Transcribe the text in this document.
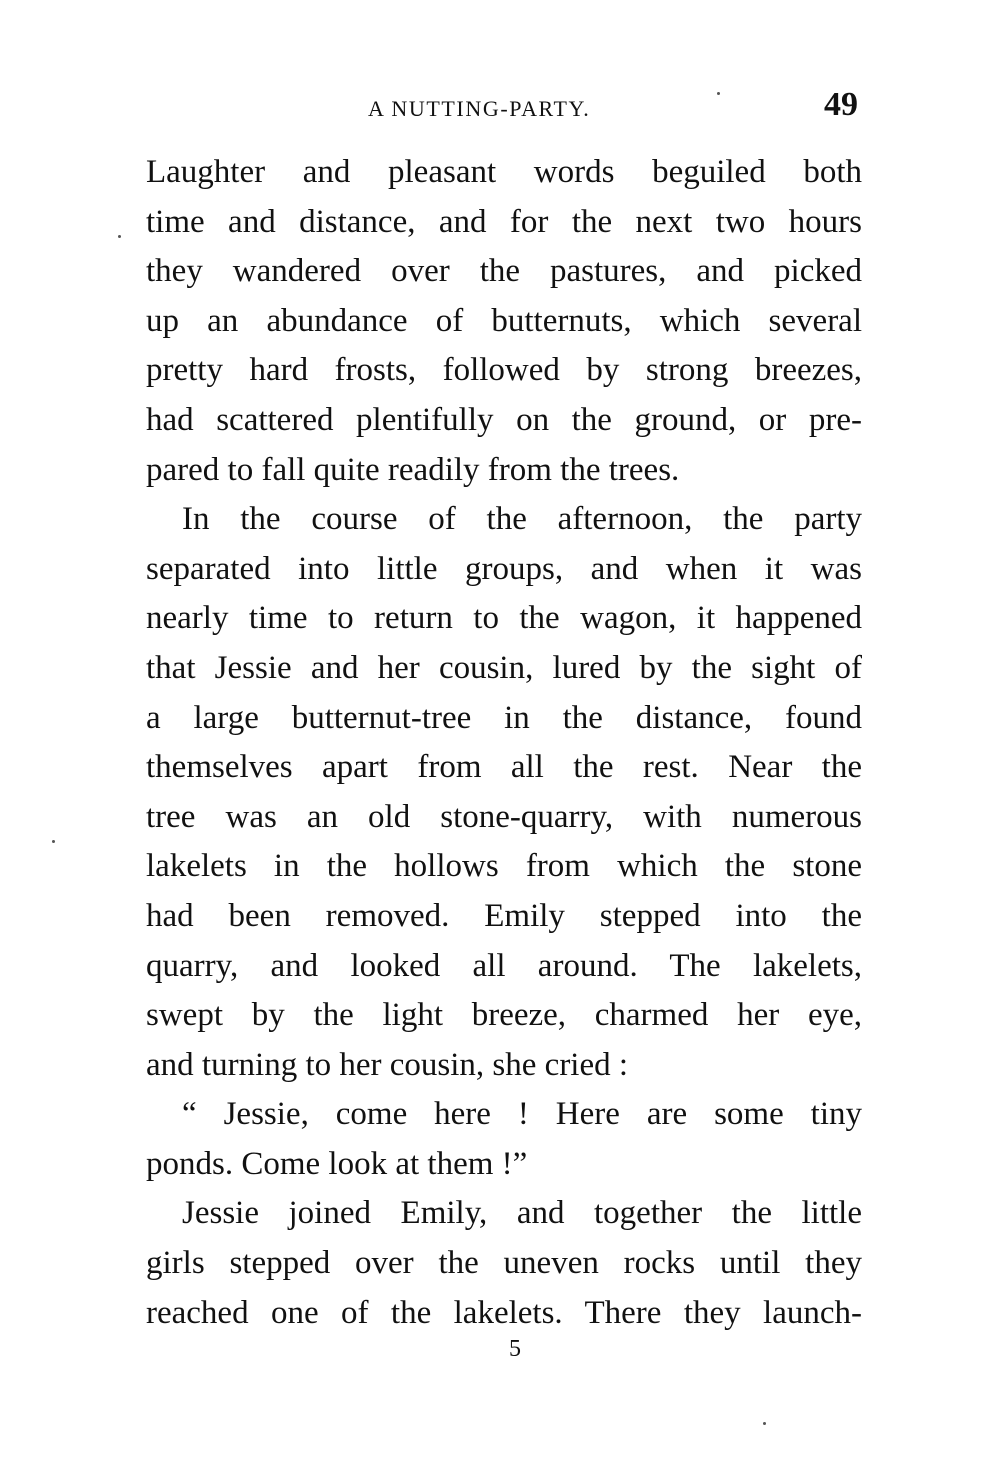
A NUTTING-PARTY.	49
Laughter and pleasant words beguiled both
time and distance, and for the next two hours
they wandered over the pastures, and picked
up an abundance of butternuts, which several
pretty hard frosts, followed by strong breezes,
had scattered plentifully on the ground, or pre-
pared to fall quite readily from the trees.
In the course of the afternoon, the party
separated into little groups, and when it was
nearly time to return to the wagon, it happened
that Jessie and her cousin, lured by the sight of
a large butternut-tree in the distance, found
themselves apart from all the rest. Near the
tree was an old stone-quarry, with numerous
lakelets in the hollows from which the stone
had been removed. Emily stepped into the
quarry, and looked all around. The lakelets,
swept by the light breeze, charmed her eye,
and turning to her cousin, she cried :
“ Jessie, come here ! Here are some tiny
ponds. Come look at them !”
Jessie joined Emily, and together the little
girls stepped over the uneven rocks until they
reached one of the lakelets. There they launch-
5
